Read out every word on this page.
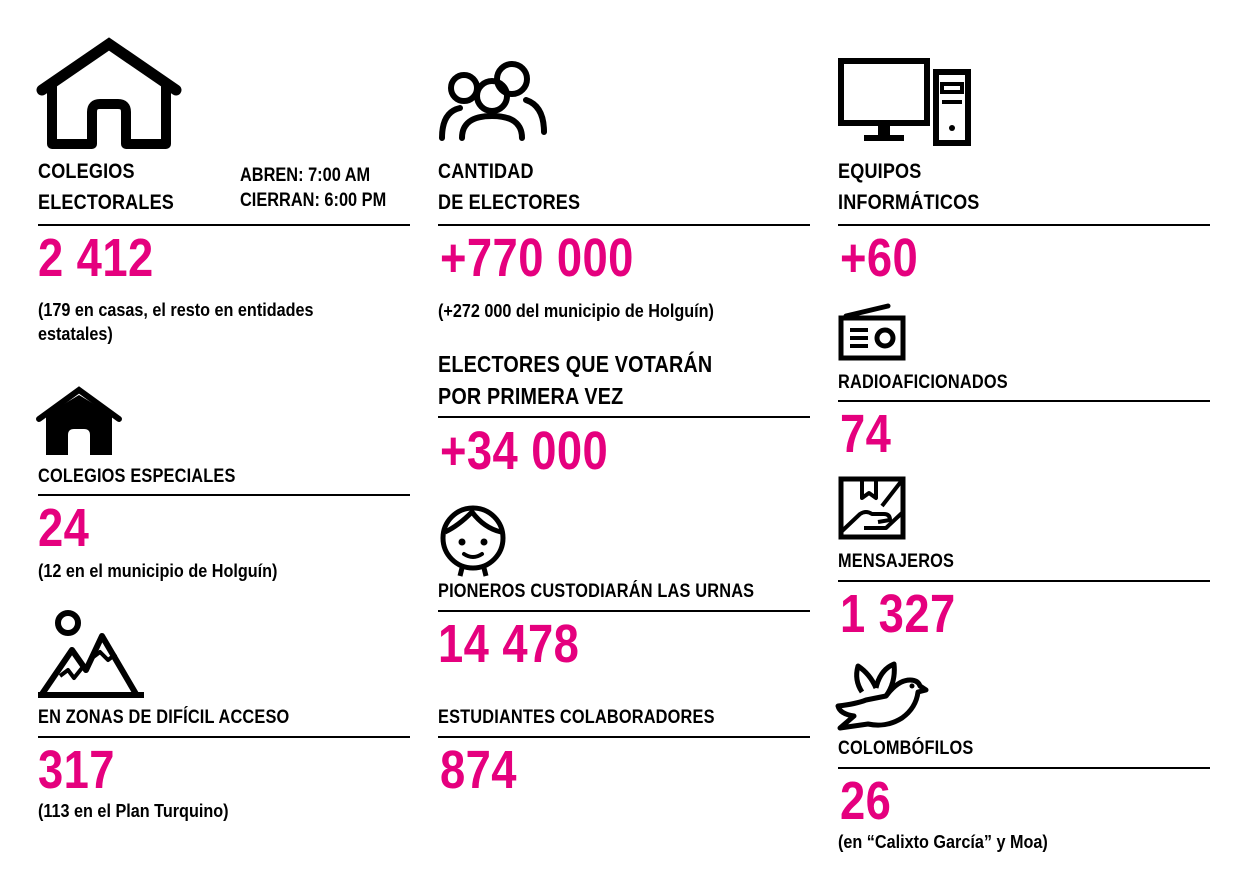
COLEGIOS
ELECTORALES
ABREN: 7:00 AM
CIERRAN: 6:00 PM
2 412
(179 en casas, el resto en entidades estatales)
COLEGIOS ESPECIALES
24
(12 en el municipio de Holguín)
EN ZONAS DE DIFÍCIL ACCESO
317
(113 en el Plan Turquino)
CANTIDAD
DE ELECTORES
+770 000
(+272 000 del municipio de Holguín)
ELECTORES QUE VOTARÁN
POR PRIMERA VEZ
+34 000
PIONEROS CUSTODIARÁN LAS URNAS
14 478
ESTUDIANTES COLABORADORES
874
EQUIPOS
INFORMÁTICOS
+60
RADIOAFICIONADOS
74
MENSAJEROS
1 327
COLOMBÓFILOS
26
(en “Calixto García” y Moa)
